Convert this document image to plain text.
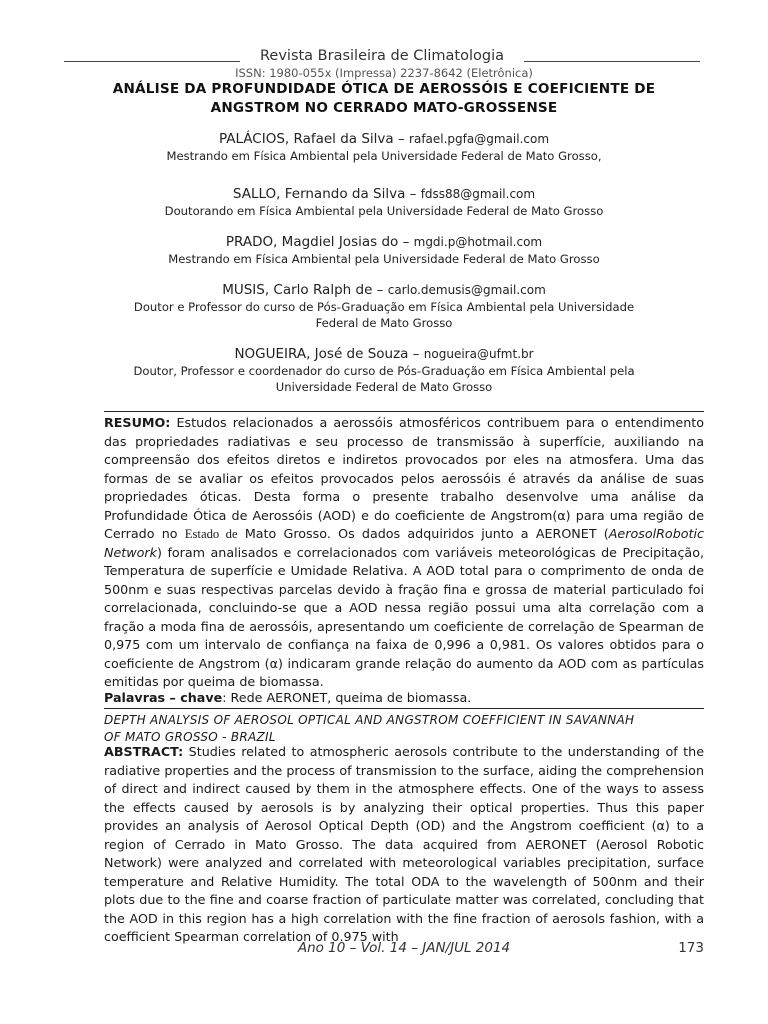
Revista Brasileira de Climatologia
ISSN: 1980-055x (Impressa) 2237-8642 (Eletrônica)
ANÁLISE DA PROFUNDIDADE ÓTICA DE AEROSSÓIS E COEFICIENTE DE
ANGSTROM NO CERRADO MATO-GROSSENSE
PALÁCIOS, Rafael da Silva – rafael.pgfa@gmail.com
Mestrando em Física Ambiental pela Universidade Federal de Mato Grosso,
SALLO, Fernando da Silva – fdss88@gmail.com
Doutorando em Física Ambiental pela Universidade Federal de Mato Grosso
PRADO, Magdiel Josias do – mgdi.p@hotmail.com
Mestrando em Física Ambiental pela Universidade Federal de Mato Grosso
MUSIS, Carlo Ralph de – carlo.demusis@gmail.com
Doutor e Professor do curso de Pós-Graduação em Física Ambiental pela Universidade
Federal de Mato Grosso
NOGUEIRA, José de Souza – nogueira@ufmt.br
Doutor, Professor e coordenador do curso de Pós-Graduação em Física Ambiental pela
Universidade Federal de Mato Grosso

RESUMO: Estudos relacionados a aerossóis atmosféricos contribuem para o entendimento das propriedades radiativas e seu processo de transmissão à superfície, auxiliando na compreensão dos efeitos diretos e indiretos provocados por eles na atmosfera. Uma das formas de se avaliar os efeitos provocados pelos aerossóis é através da análise de suas propriedades óticas. Desta forma o presente trabalho desenvolve uma análise da Profundidade Ótica de Aerossóis (AOD) e do coeficiente de Angstrom(α) para uma região de Cerrado no Estado de Mato Grosso. Os dados adquiridos junto a AERONET (AerosolRobotic Network) foram analisados e correlacionados com variáveis meteorológicas de Precipitação, Temperatura de superfície e Umidade Relativa. A AOD total para o comprimento de onda de 500nm e suas respectivas parcelas devido à fração fina e grossa de material particulado foi correlacionada, concluindo-se que a AOD nessa região possui uma alta correlação com a fração a moda fina de aerossóis, apresentando um coeficiente de correlação de Spearman de 0,975 com um intervalo de confiança na faixa de 0,996 a 0,981. Os valores obtidos para o coeficiente de Angstrom (α) indicaram grande relação do aumento da AOD com as partículas emitidas por queima de biomassa.

Palavras – chave: Rede AERONET, queima de biomassa.

DEPTH ANALYSIS OF AEROSOL OPTICAL AND ANGSTROM COEFFICIENT IN SAVANNAH

OF MATO GROSSO - BRAZIL

ABSTRACT: Studies related to atmospheric aerosols contribute to the understanding of the radiative properties and the process of transmission to the surface, aiding the comprehension of direct and indirect caused by them in the atmosphere effects. One of the ways to assess the effects caused by aerosols is by analyzing their optical properties. Thus this paper provides an analysis of Aerosol Optical Depth (OD) and the Angstrom coefficient (α) to a region of Cerrado in Mato Grosso. The data acquired from AERONET (Aerosol Robotic Network) were analyzed and correlated with meteorological variables precipitation, surface temperature and Relative Humidity. The total ODA to the wavelength of 500nm and their plots due to the fine and coarse fraction of particulate matter was correlated, concluding that the AOD in this region has a high correlation with the fine fraction of aerosols fashion, with a coefficient Spearman correlation of 0.975 with

Ano 10 – Vol. 14 – JAN/JUL 2014	173
